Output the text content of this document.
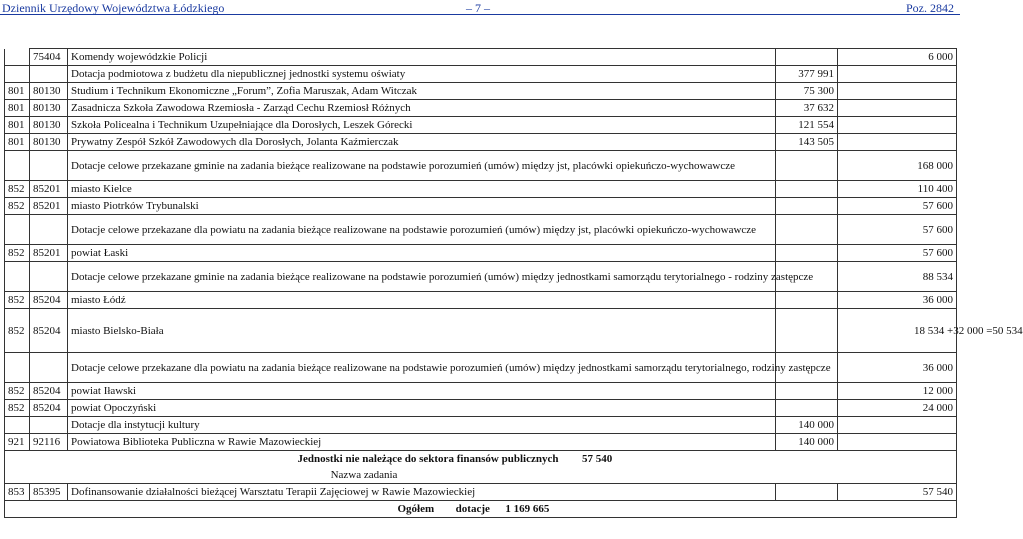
Dziennik Urzędowy Województwa Łódzkiego	– 7 –	Poz. 2842
	75404	Komendy wojewódzkie Policji		6 000
		Dotacja podmiotowa z budżetu dla niepublicznej jednostki systemu oświaty	377 991	
801	80130	Studium i Technikum Ekonomiczne „Forum”, Zofia Maruszak, Adam Witczak	75 300	
801	80130	Zasadnicza Szkoła Zawodowa Rzemiosła - Zarząd Cechu Rzemiosł Różnych	37 632	
801	80130	Szkoła Policealna i Technikum Uzupełniające dla Dorosłych, Leszek Górecki	121 554	
801	80130	Prywatny Zespół Szkół Zawodowych dla Dorosłych, Jolanta Kaźmierczak	143 505	
		Dotacje celowe przekazane gminie na zadania bieżące realizowane na podstawie porozumień (umów) między jst, placówki opiekuńczo-wychowawcze		168 000
852	85201	miasto Kielce		110 400
852	85201	miasto Piotrków Trybunalski		57 600
		Dotacje celowe przekazane dla powiatu na zadania bieżące realizowane na podstawie porozumień (umów) między jst, placówki opiekuńczo-wychowawcze		57 600
852	85201	powiat Łaski		57 600
		Dotacje celowe przekazane gminie na zadania bieżące realizowane na podstawie porozumień (umów) między jednostkami samorządu terytorialnego - rodziny zastępcze		88 534
852	85204	miasto Łódź		36 000
852	85204	miasto Bielsko-Biała		18 534 +32 000 =50 534
		Dotacje celowe przekazane dla powiatu na zadania bieżące realizowane na podstawie porozumień (umów) między jednostkami samorządu terytorialnego, rodziny zastępcze		36 000
852	85204	powiat Iławski		12 000
852	85204	powiat Opoczyński		24 000
		Dotacje dla instytucji kultury	140 000	
921	92116	Powiatowa Biblioteka Publiczna w Rawie Mazowieckiej	140 000	
		Jednostki nie należące do sektora finansów publicznych 57 540		
		Nazwa zadania		
853	85395	Dofinansowanie działalności bieżącej Warsztatu Terapii Zajęciowej w Rawie Mazowieckiej		57 540
		Ogółem dotacje 1 169 665		
